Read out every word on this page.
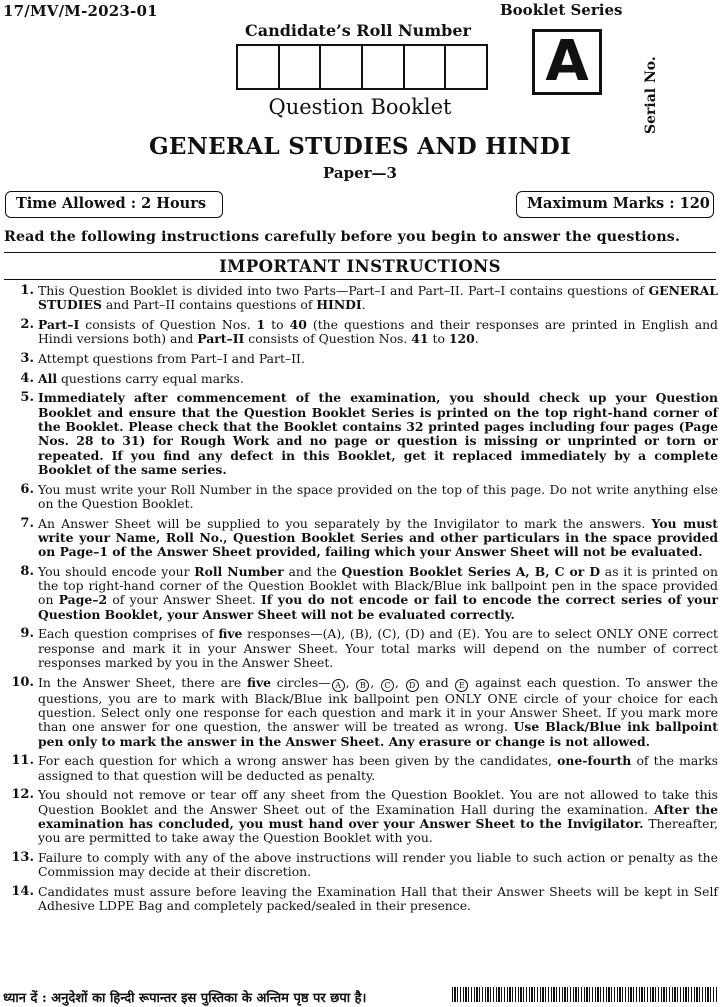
17/MV/M-2023-01	Booklet Series
Candidate’s Roll Number A	Serial No.
Question Booklet
GENERAL STUDIES AND HINDI
Paper—3
Time Allowed : 2 Hours	Maximum Marks : 120
Read the following instructions carefully before you begin to answer the questions.
IMPORTANT INSTRUCTIONS
1. This Question Booklet is divided into two Parts—Part–I and Part–II. Part–I contains questions of GENERAL STUDIES and Part–II contains questions of HINDI.
2. Part–I consists of Question Nos. 1 to 40 (the questions and their responses are printed in English and Hindi versions both) and Part–II consists of Question Nos. 41 to 120.
3. Attempt questions from Part–I and Part–II.
4. All questions carry equal marks.
5. Immediately after commencement of the examination, you should check up your Question Booklet and ensure that the Question Booklet Series is printed on the top right-hand corner of the Booklet. Please check that the Booklet contains 32 printed pages including four pages (Page Nos. 28 to 31) for Rough Work and no page or question is missing or unprinted or torn or repeated. If you find any defect in this Booklet, get it replaced immediately by a complete Booklet of the same series.
6. You must write your Roll Number in the space provided on the top of this page. Do not write anything else on the Question Booklet.
7. An Answer Sheet will be supplied to you separately by the Invigilator to mark the answers. You must write your Name, Roll No., Question Booklet Series and other particulars in the space provided on Page–1 of the Answer Sheet provided, failing which your Answer Sheet will not be evaluated.
8. You should encode your Roll Number and the Question Booklet Series A, B, C or D as it is printed on the top right-hand corner of the Question Booklet with Black/Blue ink ballpoint pen in the space provided on Page–2 of your Answer Sheet. If you do not encode or fail to encode the correct series of your Question Booklet, your Answer Sheet will not be evaluated correctly.
9. Each question comprises of five responses—(A), (B), (C), (D) and (E). You are to select ONLY ONE correct response and mark it in your Answer Sheet. Your total marks will depend on the number of correct responses marked by you in the Answer Sheet.
10. In the Answer Sheet, there are five circles— A , B , C , D and E against each question. To answer the questions, you are to mark with Black/Blue ink ballpoint pen ONLY ONE circle of your choice for each question. Select only one response for each question and mark it in your Answer Sheet. If you mark more than one answer for one question, the answer will be treated as wrong. Use Black/Blue ink ballpoint pen only to mark the answer in the Answer Sheet. Any erasure or change is not allowed.
11. For each question for which a wrong answer has been given by the candidates, one-fourth of the marks assigned to that question will be deducted as penalty.
12. You should not remove or tear off any sheet from the Question Booklet. You are not allowed to take this Question Booklet and the Answer Sheet out of the Examination Hall during the examination. After the examination has concluded, you must hand over your Answer Sheet to the Invigilator. Thereafter, you are permitted to take away the Question Booklet with you.
13. Failure to comply with any of the above instructions will render you liable to such action or penalty as the Commission may decide at their discretion.
14. Candidates must assure before leaving the Examination Hall that their Answer Sheets will be kept in Self Adhesive LDPE Bag and completely packed/sealed in their presence.
ध्यान दें : अनुदेशों का हिन्दी रूपान्तर इस पुस्तिका के अन्तिम पृष्ठ पर छपा है।
